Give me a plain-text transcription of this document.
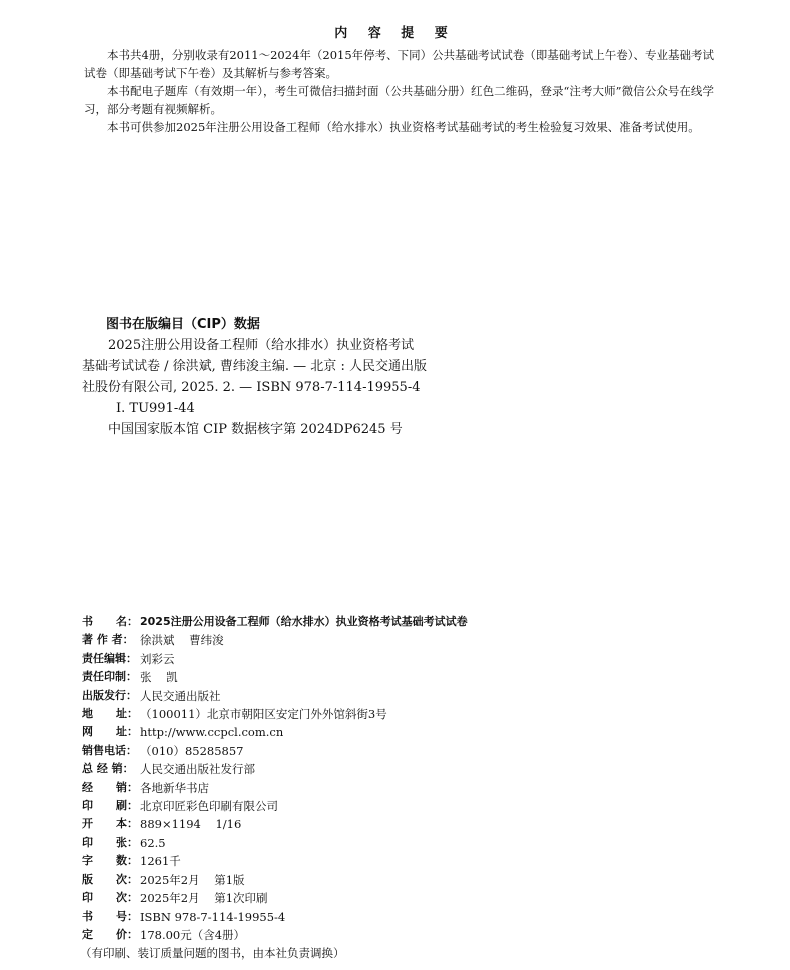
内 容 提 要

本书共4册，分别收录有2011～2024年（2015年停考、下同）公共基础考试试卷（即基础考试上午卷）、专业基础考试试卷（即基础考试下午卷）及其解析与参考答案。

本书配电子题库（有效期一年），考生可微信扫描封面（公共基础分册）红色二维码，登录“注考大师”微信公众号在线学习，部分考题有视频解析。

本书可供参加2025年注册公用设备工程师（给水排水）执业资格考试基础考试的考生检验复习效果、准备考试使用。

图书在版编目（CIP）数据
2025注册公用设备工程师（给水排水）执业资格考试
基础考试试卷 / 徐洪斌, 曹纬浚主编. — 北京 : 人民交通出版
社股份有限公司, 2025. 2. — ISBN 978-7-114-19955-4
Ⅰ. TU991-44
中国国家版本馆 CIP 数据核字第 2024DP6245 号
书      名： 2025注册公用设备工程师（给水排水）执业资格考试基础考试试卷
著 作 者： 徐洪斌    曹纬浚
责任编辑： 刘彩云
责任印制： 张    凯
出版发行： 人民交通出版社
地      址： （100011）北京市朝阳区安定门外外馆斜街3号
网      址： http://www.ccpcl.com.cn
销售电话： （010）85285857
总 经 销： 人民交通出版社发行部
经      销： 各地新华书店
印      刷： 北京印匠彩色印刷有限公司
开      本： 889×1194    1/16
印      张： 62.5
字      数： 1261千
版      次： 2025年2月    第1版
印      次： 2025年2月    第1次印刷
书      号： ISBN 978-7-114-19955-4
定      价： 178.00元（含4册）
（有印刷、装订质量问题的图书，由本社负责调换）
